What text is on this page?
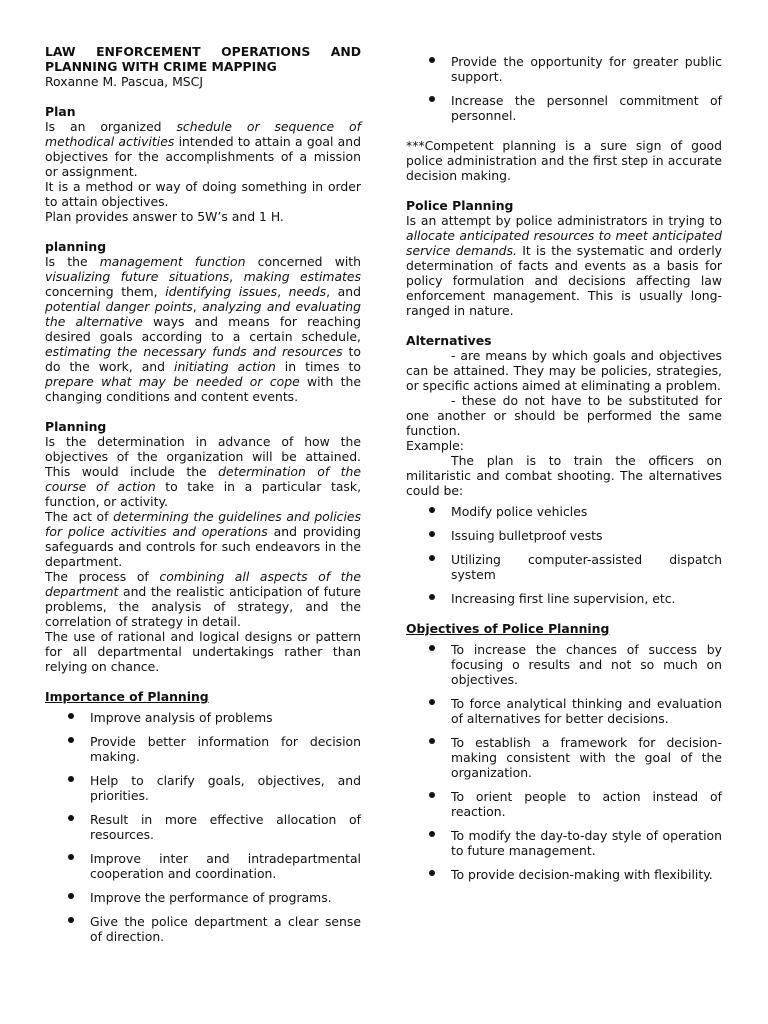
LAW ENFORCEMENT OPERATIONS AND PLANNING WITH CRIME MAPPING

Roxanne M. Pascua, MSCJ

Plan

Is an organized schedule or sequence of methodical activities intended to attain a goal and objectives for the accomplishments of a mission or assignment.

It is a method or way of doing something in order to attain objectives.

Plan provides answer to 5W’s and 1 H.

planning

Is the management function concerned with visualizing future situations, making estimates concerning them, identifying issues, needs, and potential danger points, analyzing and evaluating the alternative ways and means for reaching desired goals according to a certain schedule, estimating the necessary funds and resources to do the work, and initiating action in times to prepare what may be needed or cope with the changing conditions and content events.

Planning

Is the determination in advance of how the objectives of the organization will be attained. This would include the determination of the course of action to take in a particular task, function, or activity.

The act of determining the guidelines and policies for police activities and operations and providing safeguards and controls for such endeavors in the department.

The process of combining all aspects of the department and the realistic anticipation of future problems, the analysis of strategy, and the correlation of strategy in detail.

The use of rational and logical designs or pattern for all departmental undertakings rather than relying on chance.

Importance of Planning

Improve analysis of problems
Provide better information for decision making.
Help to clarify goals, objectives, and priorities.
Result in more effective allocation of resources.
Improve inter and intradepartmental cooperation and coordination.
Improve the performance of programs.
Give the police department a clear sense of direction.
Provide the opportunity for greater public support.
Increase the personnel commitment of personnel.

***Competent planning is a sure sign of good police administration and the first step in accurate decision making.

Police Planning

Is an attempt by police administrators in trying to allocate anticipated resources to meet anticipated service demands. It is the systematic and orderly determination of facts and events as a basis for policy formulation and decisions affecting law enforcement management. This is usually long-ranged in nature.

Alternatives

- are means by which goals and objectives can be attained. They may be policies, strategies, or specific actions aimed at eliminating a problem.

- these do not have to be substituted for one another or should be performed the same function.

Example:

The plan is to train the officers on militaristic and combat shooting. The alternatives could be:

Modify police vehicles
Issuing bulletproof vests
Utilizing computer-assisted dispatch system
Increasing first line supervision, etc.

Objectives of Police Planning

To increase the chances of success by focusing o results and not so much on objectives.
To force analytical thinking and evaluation of alternatives for better decisions.
To establish a framework for decision-making consistent with the goal of the organization.
To orient people to action instead of reaction.
To modify the day-to-day style of operation to future management.
To provide decision-making with flexibility.
